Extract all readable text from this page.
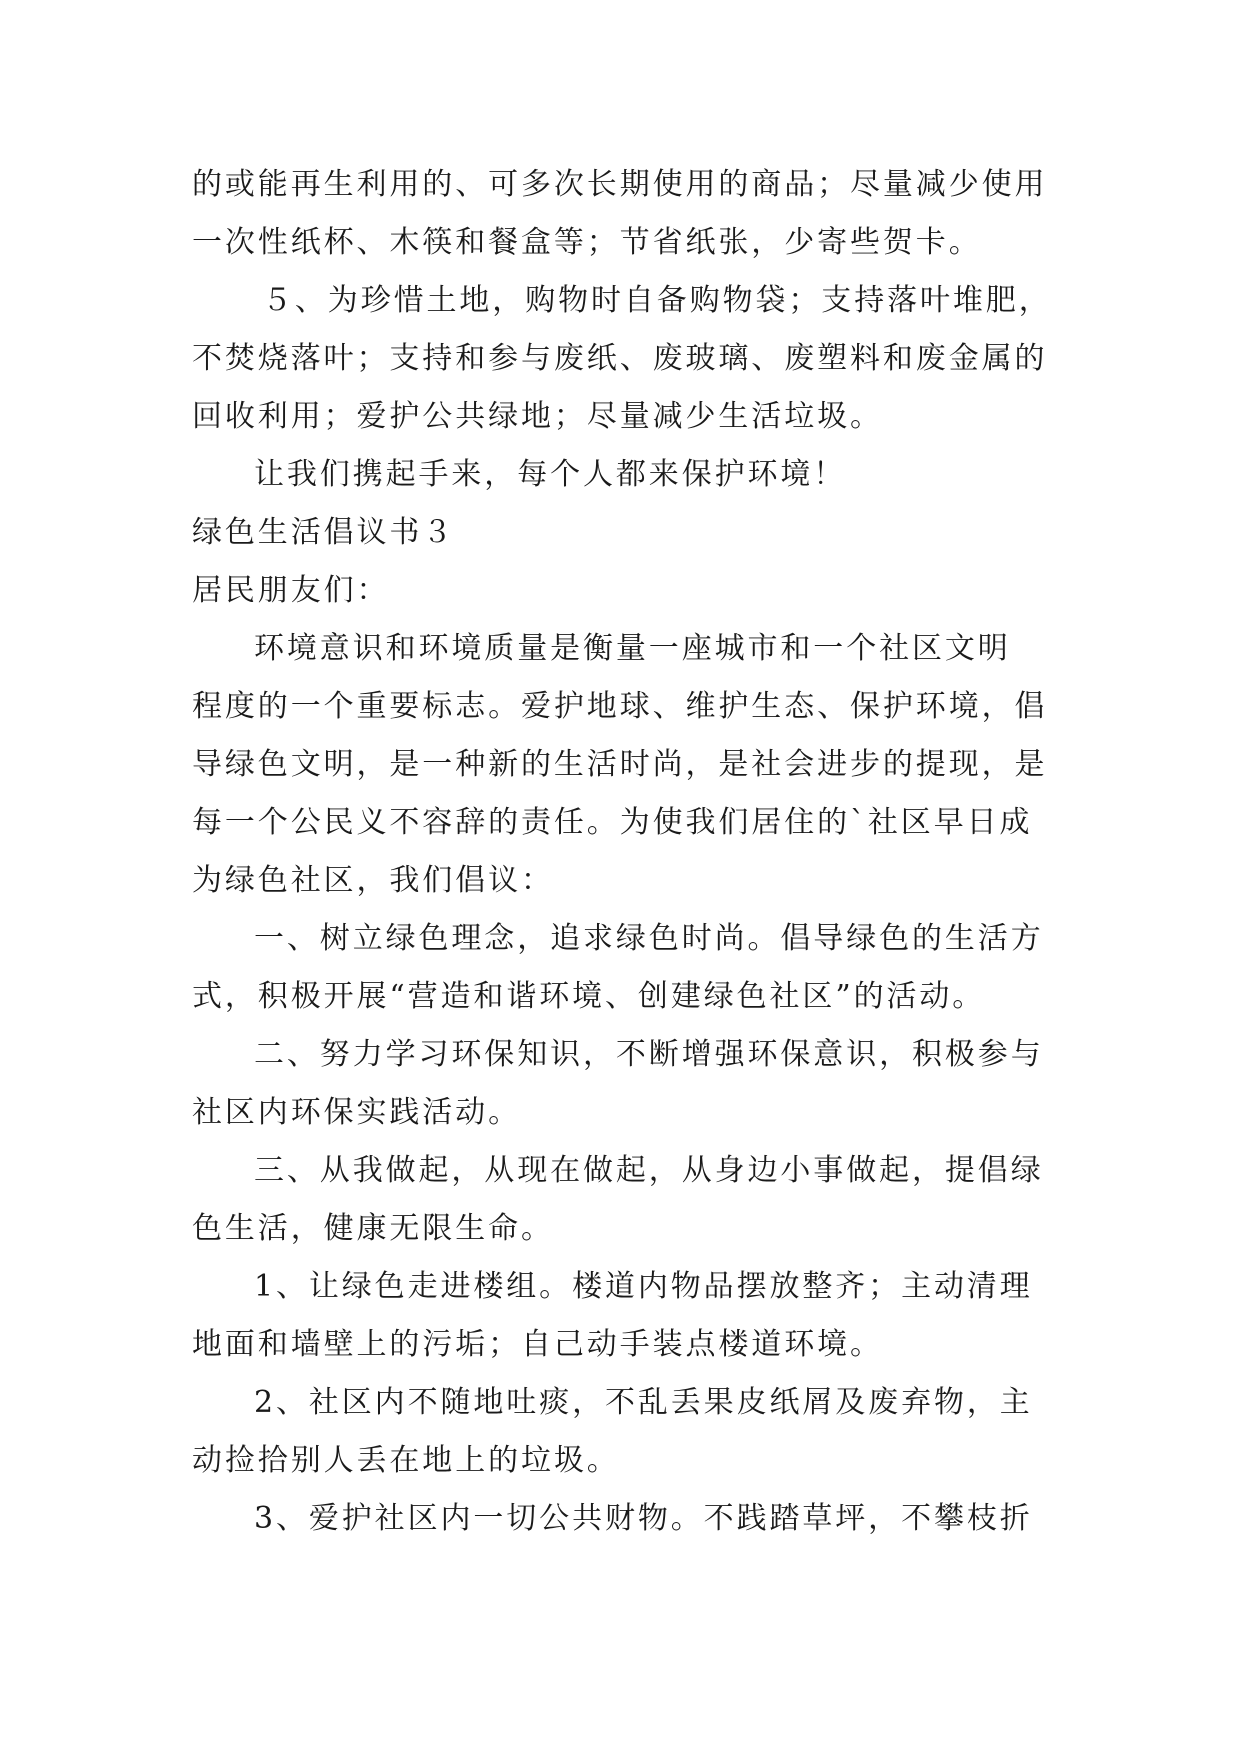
的或能再生利用的、可多次长期使用的商品；尽量减少使用
一次性纸杯、木筷和餐盒等；节省纸张，少寄些贺卡。
５、为珍惜土地，购物时自备购物袋；支持落叶堆肥，
不焚烧落叶；支持和参与废纸、废玻璃、废塑料和废金属的
回收利用；爱护公共绿地；尽量减少生活垃圾。
让我们携起手来，每个人都来保护环境！
绿色生活倡议书３
居民朋友们：
环境意识和环境质量是衡量一座城市和一个社区文明
程度的一个重要标志。爱护地球、维护生态、保护环境，倡
导绿色文明，是一种新的生活时尚，是社会进步的提现，是
每一个公民义不容辞的责任。为使我们居住的`社区早日成
为绿色社区，我们倡议：
一、树立绿色理念，追求绿色时尚。倡导绿色的生活方
式，积极开展“营造和谐环境、创建绿色社区”的活动。
二、努力学习环保知识，不断增强环保意识，积极参与
社区内环保实践活动。
三、从我做起，从现在做起，从身边小事做起，提倡绿
色生活，健康无限生命。
1、让绿色走进楼组。楼道内物品摆放整齐；主动清理
地面和墙壁上的污垢；自己动手装点楼道环境。
2、社区内不随地吐痰，不乱丢果皮纸屑及废弃物，主
动捡拾别人丢在地上的垃圾。
3、爱护社区内一切公共财物。不践踏草坪，不攀枝折
